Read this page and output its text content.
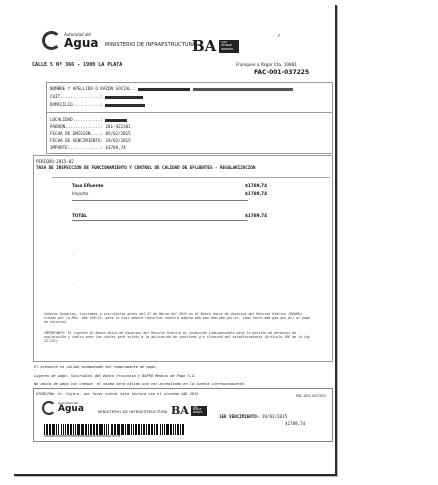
Autoridad del
Agua MINISTERIO DE INFRAESTRUCTURA
BA LOS
BONAE
RENSES
✓
CALLE 5 Nº 366 - 1900 LA PLATA	Franqueo a Pagar Cta. 10881
FAC-001-037225
NOMBRE Y APELLIDO O RAZÓN SOCIAL.:
CUIT................:
DOMICILIO...........:
LOCALIDAD...........:
PADRON..............: 201-422301
FECHA DE EMISIÓN....: 05/02/2015
FECHA DE VENCIMIENTO: 19/02/2015
IMPORTE.............: $1789,74
PERIODO:2015-02
TASA DE INSPECCIÓN DE FUNCIONAMIENTO Y CONTROL DE CALIDAD DE EFLUENTES - REGULARIZACION
Tasa Efluente	$1789,74
Importe	$1789,74
TOTAL	$1789,74
..
..
Señores Usuarios, invitamos a inscribirse antes del 27 de Marzo del 2015 en el Nuevo Único de Usuarios del Recurso Hídrico (RUURH) creado por la Res. ADA 548/15, para lo cual deberá consultar nuestra página web www.ada.gba.gov.ar, (www.ruurh.ada.gba.gov.ar) al pago de recursos.
IMPORTANTE: El ingreso al Nuevo Único de Usuarios del Recurso Hídrico es condición indispensable para la gestión de permisos de explotación y vuelco ante las cuales será sujeto a la aplicación de sanciones y/o clausura del establecimiento (Artículo 166 de la Ley 12.257).
El presente es válido acompañado del comprobante de pago.
Lugares de pago: Sucursales del Banco Provincia y BAPRO Medios de Pago S.A.
No omita de pago con cheque, el mismo será válido una vez acreditado en la cuenta correspondiente.
ATENCION: Sr. Cajero, por favor cobrar esta factura con el sistema SAD 2015	FAC-001-037225
Autoridad del
Agua	MINISTERIO DE INFRAESTRUCTURA BA LOS
BONAE
RENSES
1ER VENCIMIENTO: 19/02/2015
$1789,74
3009000000090000250000000000000002016020200001789740
